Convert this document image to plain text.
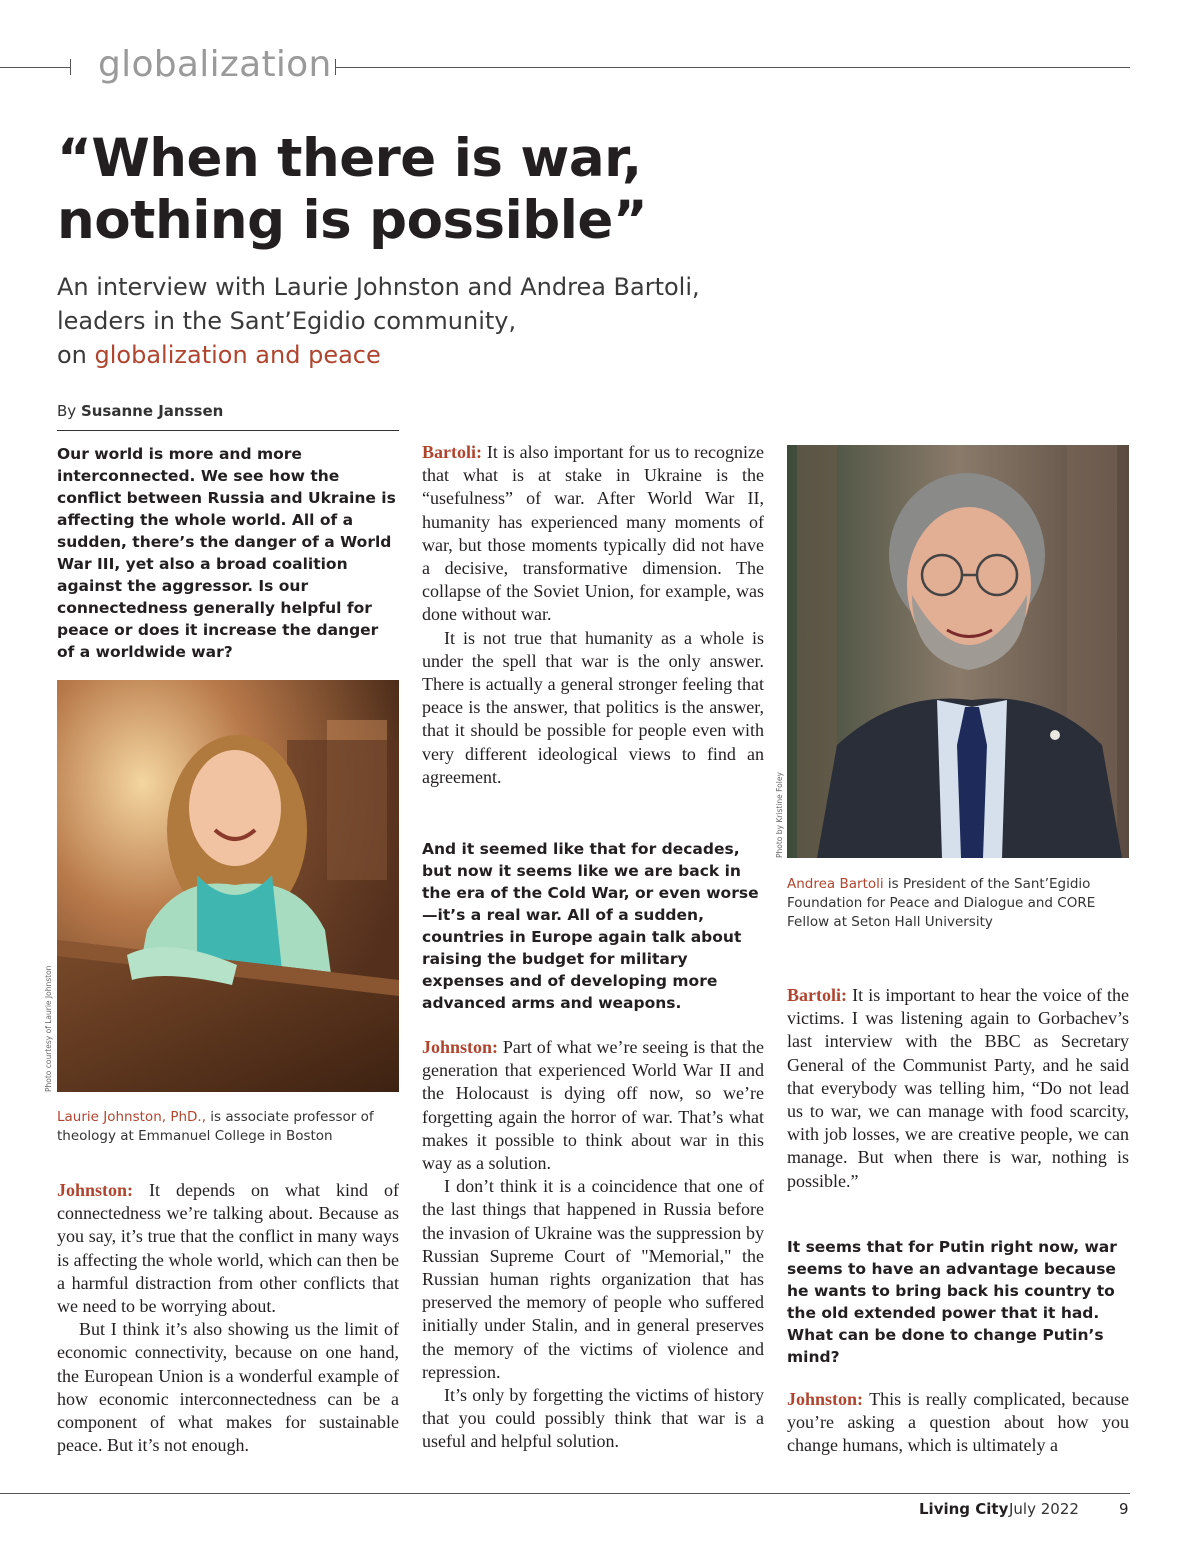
globalization
“When there is war,
nothing is possible”
An interview with Laurie Johnston and Andrea Bartoli,
leaders in the Sant’Egidio community,
on globalization and peace
By Susanne Janssen
Our world is more and more interconnected. We see how the conflict between Russia and Ukraine is affecting the whole world. All of a sudden, there’s the danger of a World War III, yet also a broad coalition against the aggressor. Is our connectedness generally helpful for peace or does it increase the danger of a worldwide war?
Photo courtesy of Laurie Johnston
Laurie Johnston, PhD., is associate professor of theology at Emmanuel College in Boston

Johnston: It depends on what kind of connectedness we’re talking about. Because as you say, it’s true that the conflict in many ways is affecting the whole world, which can then be a harmful distraction from other conflicts that we need to be worrying about.

But I think it’s also showing us the limit of economic connectivity, because on one hand, the European Union is a wonderful example of how economic interconnectedness can be a component of what makes for sustainable peace. But it’s not enough.

Bartoli: It is also important for us to recognize that what is at stake in Ukraine is the “usefulness” of war. After World War II, humanity has experienced many moments of war, but those moments typically did not have a decisive, transformative dimension. The collapse of the Soviet Union, for example, was done without war.

It is not true that humanity as a whole is under the spell that war is the only answer. There is actually a general stronger feeling that peace is the answer, that politics is the answer, that it should be possible for people even with very different ideological views to find an agreement.

And it seemed like that for decades, but now it seems like we are back in the era of the Cold War, or even worse—it’s a real war. All of a sudden, countries in Europe again talk about raising the budget for military expenses and of developing more advanced arms and weapons.

Johnston: Part of what we’re seeing is that the generation that experienced World War II and the Holocaust is dying off now, so we’re forgetting again the horror of war. That’s what makes it possible to think about war in this way as a solution.

I don’t think it is a coincidence that one of the last things that happened in Russia before the invasion of Ukraine was the suppression by Russian Supreme Court of "Memorial," the Russian human rights organization that has preserved the memory of people who suffered initially under Stalin, and in general preserves the memory of the victims of violence and repression.

It’s only by forgetting the victims of history that you could possibly think that war is a useful and helpful solution.

Photo by Kristine Foley
Andrea Bartoli is President of the Sant’Egidio Foundation for Peace and Dialogue and CORE Fellow at Seton Hall University

Bartoli: It is important to hear the voice of the victims. I was listening again to Gorbachev’s last interview with the BBC as Secretary General of the Communist Party, and he said that everybody was telling him, “Do not lead us to war, we can manage with food scarcity, with job losses, we are creative people, we can manage. But when there is war, nothing is possible.”

It seems that for Putin right now, war seems to have an advantage because he wants to bring back his country to the old extended power that it had. What can be done to change Putin’s mind?

Johnston: This is really complicated, because you’re asking a question about how you change humans, which is ultimately a

Living City July 2022	9
